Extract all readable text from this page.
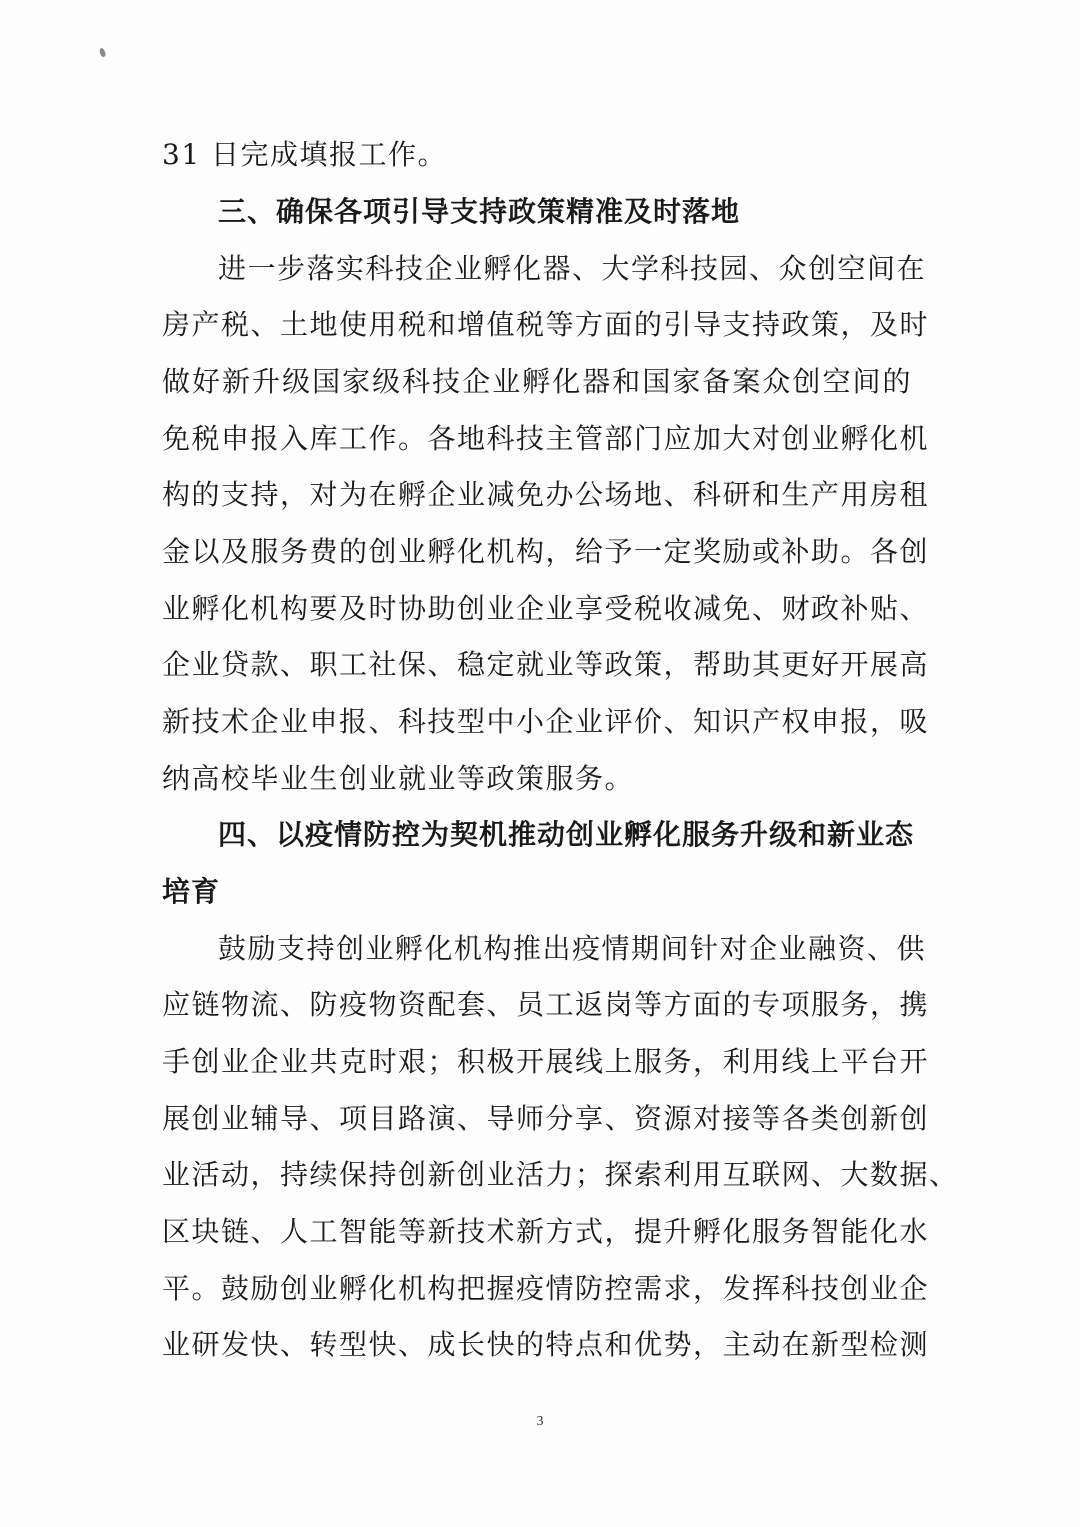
31 日完成填报工作。
三、确保各项引导支持政策精准及时落地
进一步落实科技企业孵化器、大学科技园、众创空间在
房产税、土地使用税和增值税等方面的引导支持政策，及时
做好新升级国家级科技企业孵化器和国家备案众创空间的
免税申报入库工作。各地科技主管部门应加大对创业孵化机
构的支持，对为在孵企业减免办公场地、科研和生产用房租
金以及服务费的创业孵化机构，给予一定奖励或补助。各创
业孵化机构要及时协助创业企业享受税收减免、财政补贴、
企业贷款、职工社保、稳定就业等政策，帮助其更好开展高
新技术企业申报、科技型中小企业评价、知识产权申报，吸
纳高校毕业生创业就业等政策服务。
四、以疫情防控为契机推动创业孵化服务升级和新业态
培育
鼓励支持创业孵化机构推出疫情期间针对企业融资、供
应链物流、防疫物资配套、员工返岗等方面的专项服务，携
手创业企业共克时艰；积极开展线上服务，利用线上平台开
展创业辅导、项目路演、导师分享、资源对接等各类创新创
业活动，持续保持创新创业活力；探索利用互联网、大数据、
区块链、人工智能等新技术新方式，提升孵化服务智能化水
平。鼓励创业孵化机构把握疫情防控需求，发挥科技创业企
业研发快、转型快、成长快的特点和优势，主动在新型检测
3
